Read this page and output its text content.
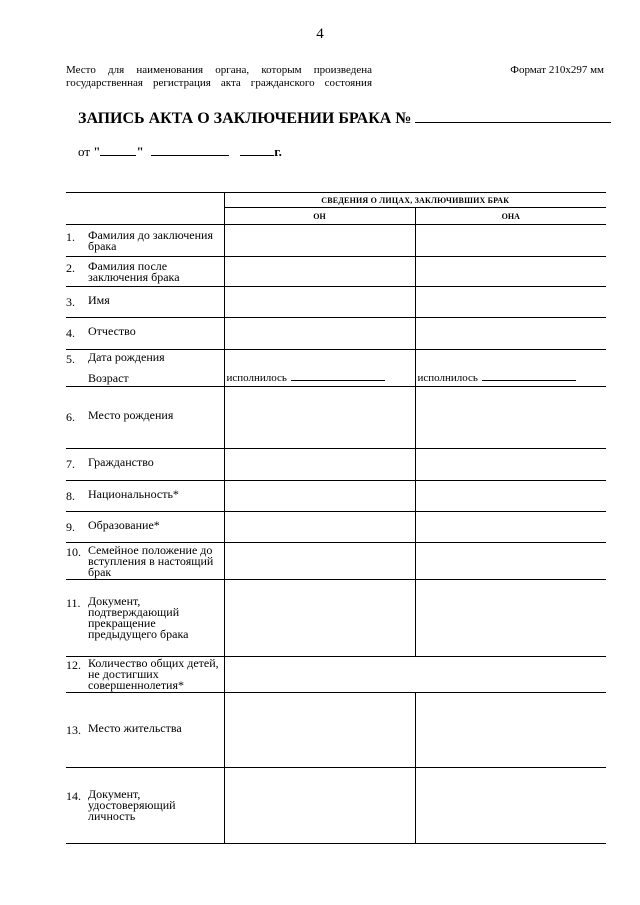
4
Место для наименования органа, которым произведена государственная регистрация акта гражданского состояния
Формат 210x297 мм
ЗАПИСЬ АКТА О ЗАКЛЮЧЕНИИ БРАКА №
от "	"	г.
	СВЕДЕНИЯ О ЛИЦАХ, ЗАКЛЮЧИВШИХ БРАК	
	ОН	ОНА

1. Фамилия до заключения брака		

2. Фамилия после заключения брака		

3. Имя		

4. Отчество		

5. Дата рождения
Возраст	исполнилось	исполнилось

6. Место рождения		

7. Гражданство		

8. Национальность*		

9. Образование*		

10. Семейное положение до вступления в настоящий брак		

11. Документ, подтверждающий прекращение предыдущего брака		

12. Количество общих детей, не достигших совершеннолетия*		

13. Место жительства		

14. Документ, удостоверяющий личность		
